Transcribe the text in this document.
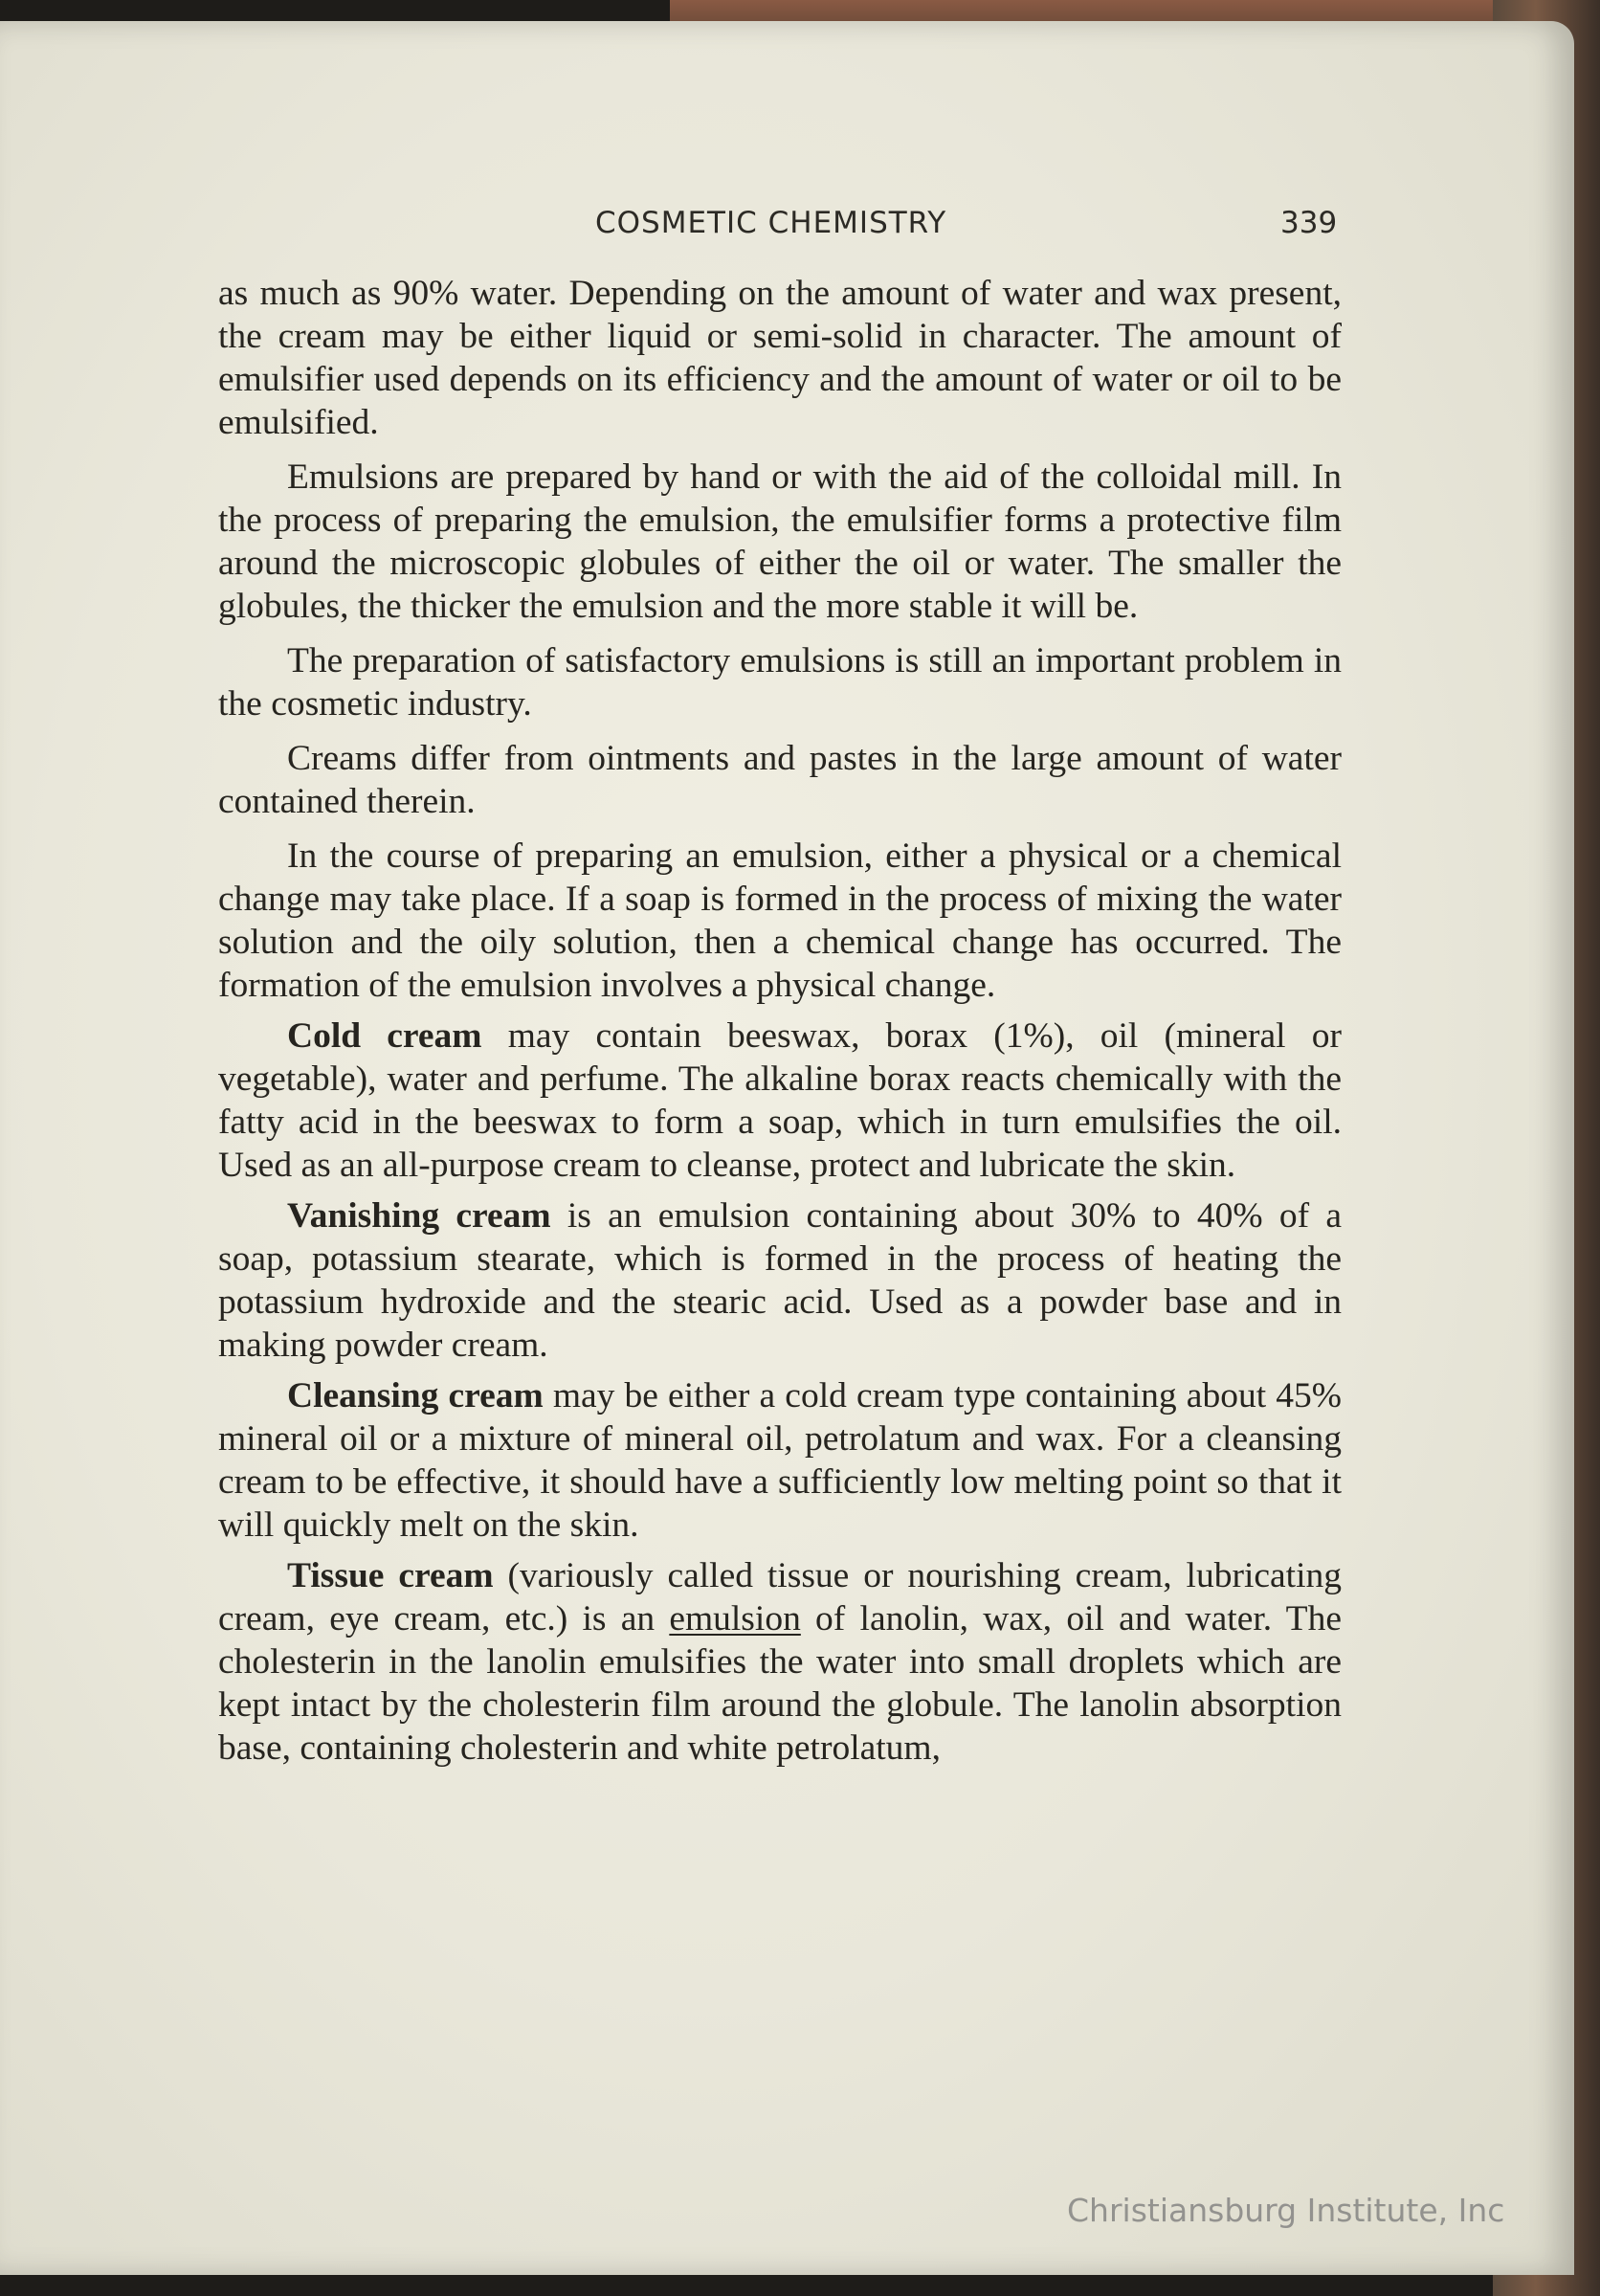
COSMETIC CHEMISTRY	339

as much as 90% water. Depending on the amount of water and wax present, the cream may be either liquid or semi-solid in character. The amount of emulsifier used depends on its efficiency and the amount of water or oil to be emulsified.

Emulsions are prepared by hand or with the aid of the colloidal mill. In the process of preparing the emulsion, the emulsifier forms a protective film around the microscopic globules of either the oil or water. The smaller the globules, the thicker the emulsion and the more stable it will be.

The preparation of satisfactory emulsions is still an important problem in the cosmetic industry.

Creams differ from ointments and pastes in the large amount of water contained therein.

In the course of preparing an emulsion, either a physical or a chemical change may take place. If a soap is formed in the process of mixing the water solution and the oily solution, then a chemical change has occurred. The formation of the emulsion involves a physical change.

Cold cream may contain beeswax, borax (1%), oil (mineral or vegetable), water and perfume. The alkaline borax reacts chemically with the fatty acid in the beeswax to form a soap, which in turn emulsifies the oil. Used as an all-purpose cream to cleanse, protect and lubricate the skin.

Vanishing cream is an emulsion containing about 30% to 40% of a soap, potassium stearate, which is formed in the process of heating the potassium hydroxide and the stearic acid. Used as a powder base and in making powder cream.

Cleansing cream may be either a cold cream type containing about 45% mineral oil or a mixture of mineral oil, petrolatum and wax. For a cleansing cream to be effective, it should have a sufficiently low melting point so that it will quickly melt on the skin.

Tissue cream (variously called tissue or nourishing cream, lubricating cream, eye cream, etc.) is an emulsion of lanolin, wax, oil and water. The cholesterin in the lanolin emulsifies the water into small droplets which are kept intact by the cholesterin film around the globule. The lanolin absorption base, containing cholesterin and white petrolatum,

Christiansburg Institute, Inc
